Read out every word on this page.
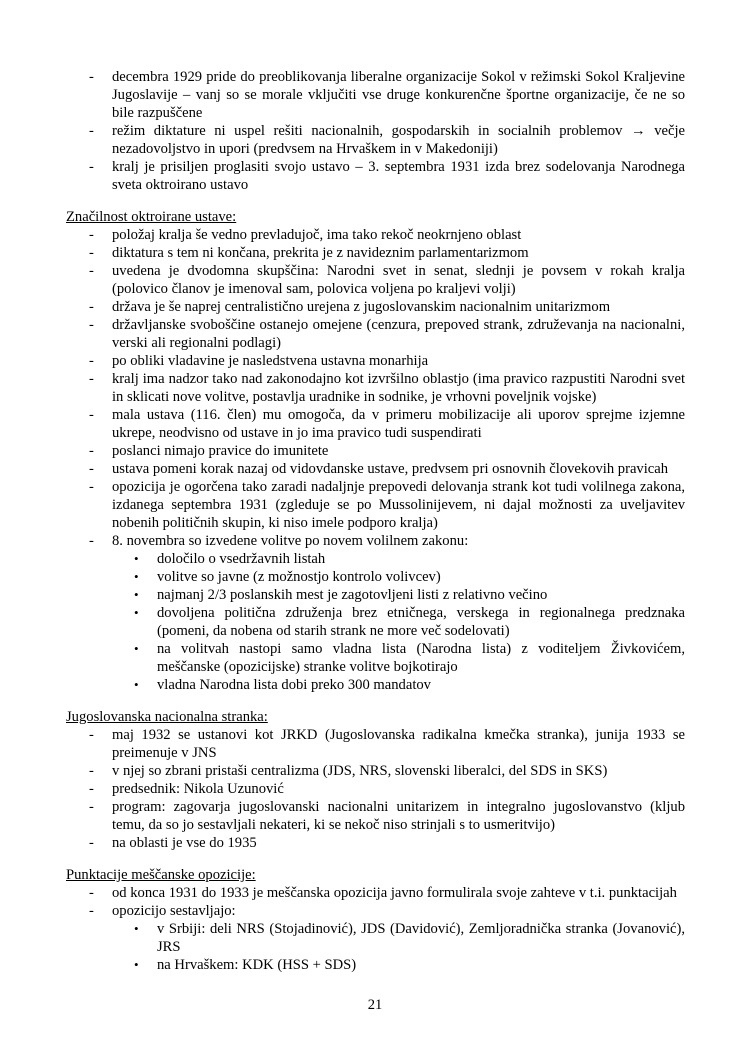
-	decembra 1929 pride do preoblikovanja liberalne organizacije Sokol v režimski Sokol Kraljevine Jugoslavije – vanj so se morale vključiti vse druge konkurenčne športne organizacije, če ne so bile razpuščene
-	režim diktature ni uspel rešiti nacionalnih, gospodarskih in socialnih problemov → večje nezadovoljstvo in upori (predvsem na Hrvaškem in v Makedoniji)
-	kralj je prisiljen proglasiti svojo ustavo – 3. septembra 1931 izda brez sodelovanja Narodnega sveta oktroirano ustavo
Značilnost oktroirane ustave:
-	položaj kralja še vedno prevladujoč, ima tako rekoč neokrnjeno oblast
-	diktatura s tem ni končana, prekrita je z navideznim parlamentarizmom
-	uvedena je dvodomna skupščina: Narodni svet in senat, slednji je povsem v rokah kralja (polovico članov je imenoval sam, polovica voljena po kraljevi volji)
-	država je še naprej centralistično urejena z jugoslovanskim nacionalnim unitarizmom
-	državljanske svoboščine ostanejo omejene (cenzura, prepoved strank, združevanja na nacionalni, verski ali regionalni podlagi)
-	po obliki vladavine je nasledstvena ustavna monarhija
-	kralj ima nadzor tako nad zakonodajno kot izvršilno oblastjo (ima pravico razpustiti Narodni svet in sklicati nove volitve, postavlja uradnike in sodnike, je vrhovni poveljnik vojske)
-	mala ustava (116. člen) mu omogoča, da v primeru mobilizacije ali uporov sprejme izjemne ukrepe, neodvisno od ustave in jo ima pravico tudi suspendirati
-	poslanci nimajo pravice do imunitete
-	ustava pomeni korak nazaj od vidovdanske ustave, predvsem pri osnovnih človekovih pravicah
-	opozicija je ogorčena tako zaradi nadaljnje prepovedi delovanja strank kot tudi volilnega zakona, izdanega septembra 1931 (zgleduje se po Mussolinijevem, ni dajal možnosti za uveljavitev nobenih političnih skupin, ki niso imele podporo kralja)
-	8. novembra so izvedene volitve po novem volilnem zakonu:
•	določilo o vsedržavnih listah
•	volitve so javne (z možnostjo kontrolo volivcev)
•	najmanj 2/3 poslanskih mest je zagotovljeni listi z relativno večino
•	dovoljena politična združenja brez etničnega, verskega in regionalnega predznaka (pomeni, da nobena od starih strank ne more več sodelovati)
•	na volitvah nastopi samo vladna lista (Narodna lista) z voditeljem Živkovićem, meščanske (opozicijske) stranke volitve bojkotirajo
•	vladna Narodna lista dobi preko 300 mandatov
Jugoslovanska nacionalna stranka:
-	maj 1932 se ustanovi kot JRKD (Jugoslovanska radikalna kmečka stranka), junija 1933 se preimenuje v JNS
-	v njej so zbrani pristaši centralizma (JDS, NRS, slovenski liberalci, del SDS in SKS)
-	predsednik: Nikola Uzunović
-	program: zagovarja jugoslovanski nacionalni unitarizem in integralno jugoslovanstvo (kljub temu, da so jo sestavljali nekateri, ki se nekoč niso strinjali s to usmeritvijo)
-	na oblasti je vse do 1935
Punktacije meščanske opozicije:
-	od konca 1931 do 1933 je meščanska opozicija javno formulirala svoje zahteve v t.i. punktacijah
-	opozicijo sestavljajo:
•	v Srbiji: deli NRS (Stojadinović), JDS (Davidović), Zemljoradnička stranka (Jovanović), JRS
•	na Hrvaškem: KDK (HSS + SDS)
21
